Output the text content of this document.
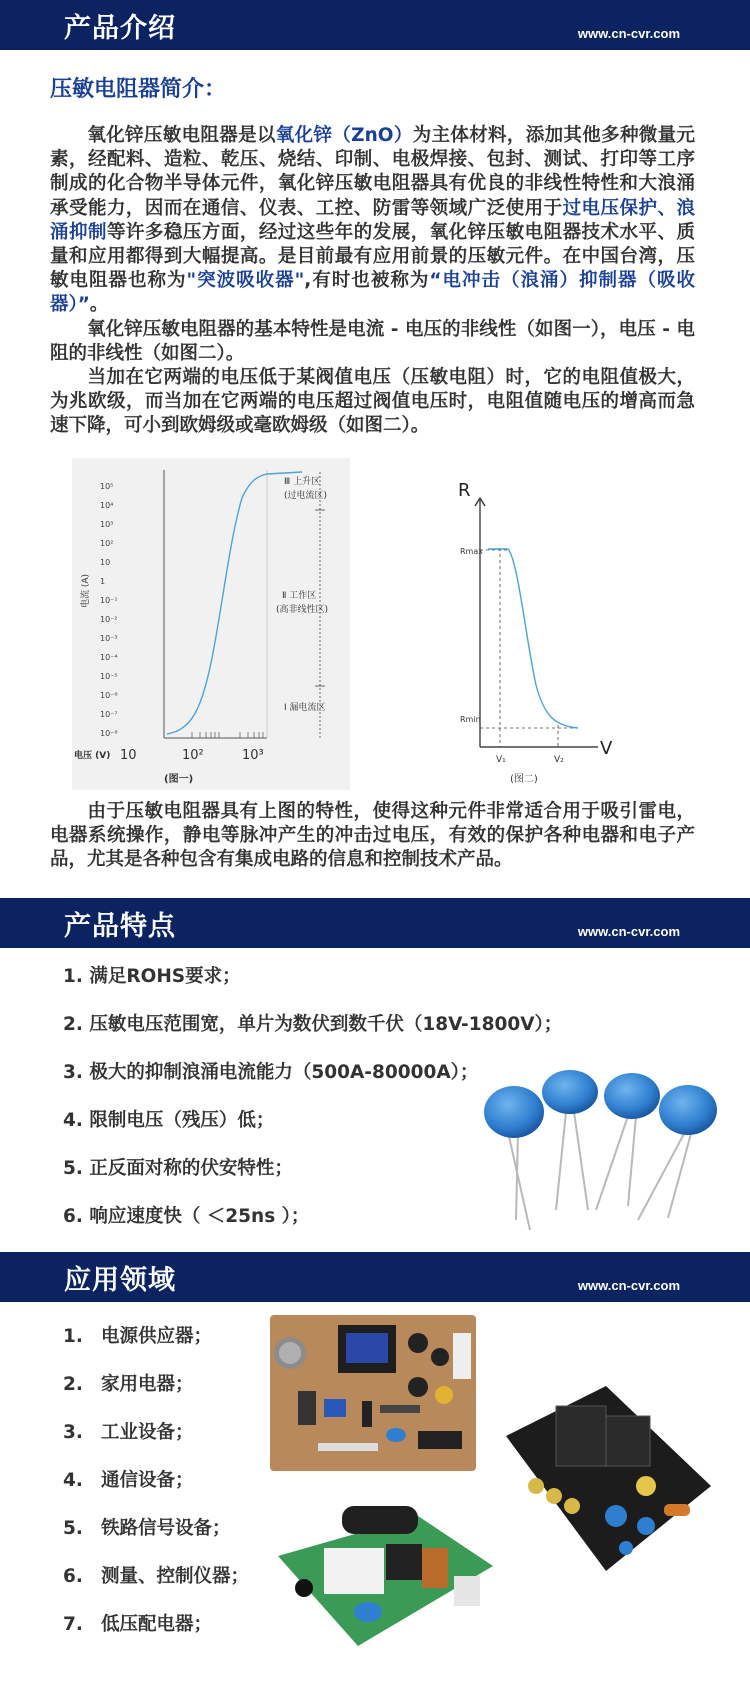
产品介绍	www.cn-cvr.com
压敏电阻器简介：
氧化锌压敏电阻器是以氧化锌（ZnO）为主体材料，添加其他多种微量元素，经配料、造粒、乾压、烧结、印制、电极焊接、包封、测试、打印等工序制成的化合物半导体元件，氧化锌压敏电阻器具有优良的非线性特性和大浪涌承受能力，因而在通信、仪表、工控、防雷等领域广泛使用于过电压保护、浪涌抑制等许多稳压方面，经过这些年的发展，氧化锌压敏电阻器技术水平、质量和应用都得到大幅提高。是目前最有应用前景的压敏元件。在中国台湾，压敏电阻器也称为"突波吸收器",有时也被称为“电冲击（浪涌）抑制器（吸收器）”。
氧化锌压敏电阻器的基本特性是电流 - 电压的非线性（如图一），电压 - 电阻的非线性（如图二）。
当加在它两端的电压低于某阀值电压（压敏电阻）时，它的电阻值极大，为兆欧级，而当加在它两端的电压超过阀值电压时，电阻值随电压的增高而急速下降，可小到欧姆级或毫欧姆级（如图二）。
10⁻⁸
10⁻⁷
10⁻⁶
10⁻⁵
10⁻⁴
10⁻³
10⁻²
10⁻¹
1
10
10²
10³
10⁴
10⁵
电流 (A)
Ⅲ 上升区
(过电流区)
Ⅱ 工作区
(高非线性区)
Ⅰ 漏电流区
电压 (V) 10	10²	10³
(图一)
R
V
Rmax
Rmin
V₁	V₂
(图二)
由于压敏电阻器具有上图的特性，使得这种元件非常适合用于吸引雷电，电器系统操作，静电等脉冲产生的冲击过电压，有效的保护各种电器和电子产品，尤其是各种包含有集成电路的信息和控制技术产品。
产品特点	www.cn-cvr.com
1. 满足ROHS要求；
2. 压敏电压范围宽，单片为数伏到数千伏（18V-1800V）；
3. 极大的抑制浪涌电流能力（500A-80000A）；
4. 限制电压（残压）低；
5. 正反面对称的伏安特性；
6. 响应速度快（ ＜25ns ）；
应用领域	www.cn-cvr.com
1. 电源供应器；
2. 家用电器；
3. 工业设备；
4. 通信设备；
5. 铁路信号设备；
6. 测量、控制仪器；
7. 低压配电器；
